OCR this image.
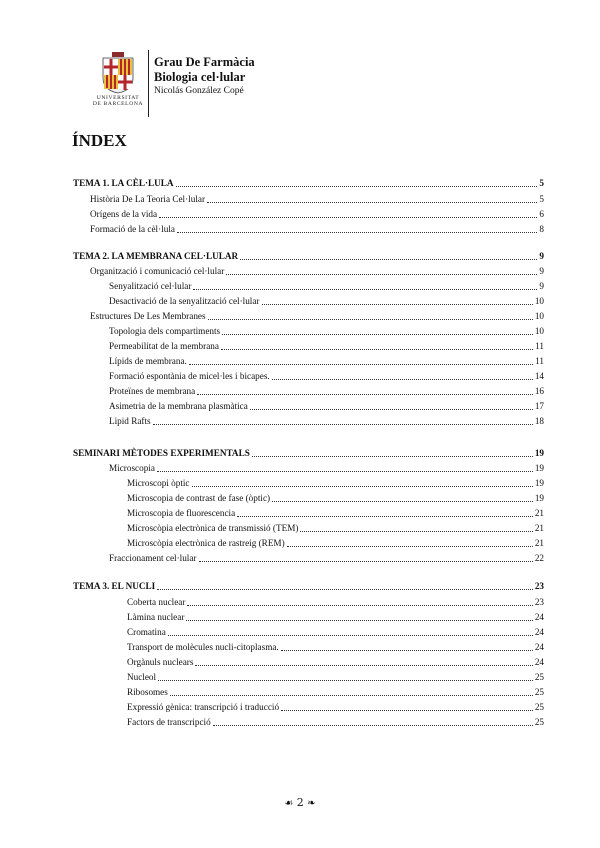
UNIVERSITAT DE BARCELONA
Grau De Farmàcia
Biologia cel·lular
Nicolás González Copé
ÍNDEX
TEMA 1. LA CÈL·LULA	5
Història De La Teoria Cel·lular	5
Orígens de la vida	6
Formació de la cèl·lula	8
TEMA 2. LA MEMBRANA CEL·LULAR	9
Organització i comunicació cel·lular	9
Senyalització cel·lular	9
Desactivació de la senyalització cel·lular	10
Estructures De Les Membranes	10
Topologia dels compartiments	10
Permeabilitat de la membrana	11
Lípids de membrana.	11
Formació espontània de micel·les i bicapes.	14
Proteïnes de membrana	16
Asimetria de la membrana plasmàtica	17
Lipid Rafts	18
SEMINARI MÈTODES EXPERIMENTALS	19
Microscopia	19
Microscopi òptic	19
Microscopia de contrast de fase (òptic)	19
Microscopia de fluorescencia	21
Microscòpia electrònica de transmissió (TEM)	21
Microscòpia electrònica de rastreig (REM)	21
Fraccionament cel·lular	22
TEMA 3. EL NUCLI	23
Coberta nuclear	23
Làmina nuclear	24
Cromatina	24
Transport de molècules nucli-citoplasma.	24
Orgànuls nuclears	24
Nucleol	25
Ribosomes	25
Expressió gènica: transcripció i traducció	25
Factors de transcripció	25
☙ 2 ❧
